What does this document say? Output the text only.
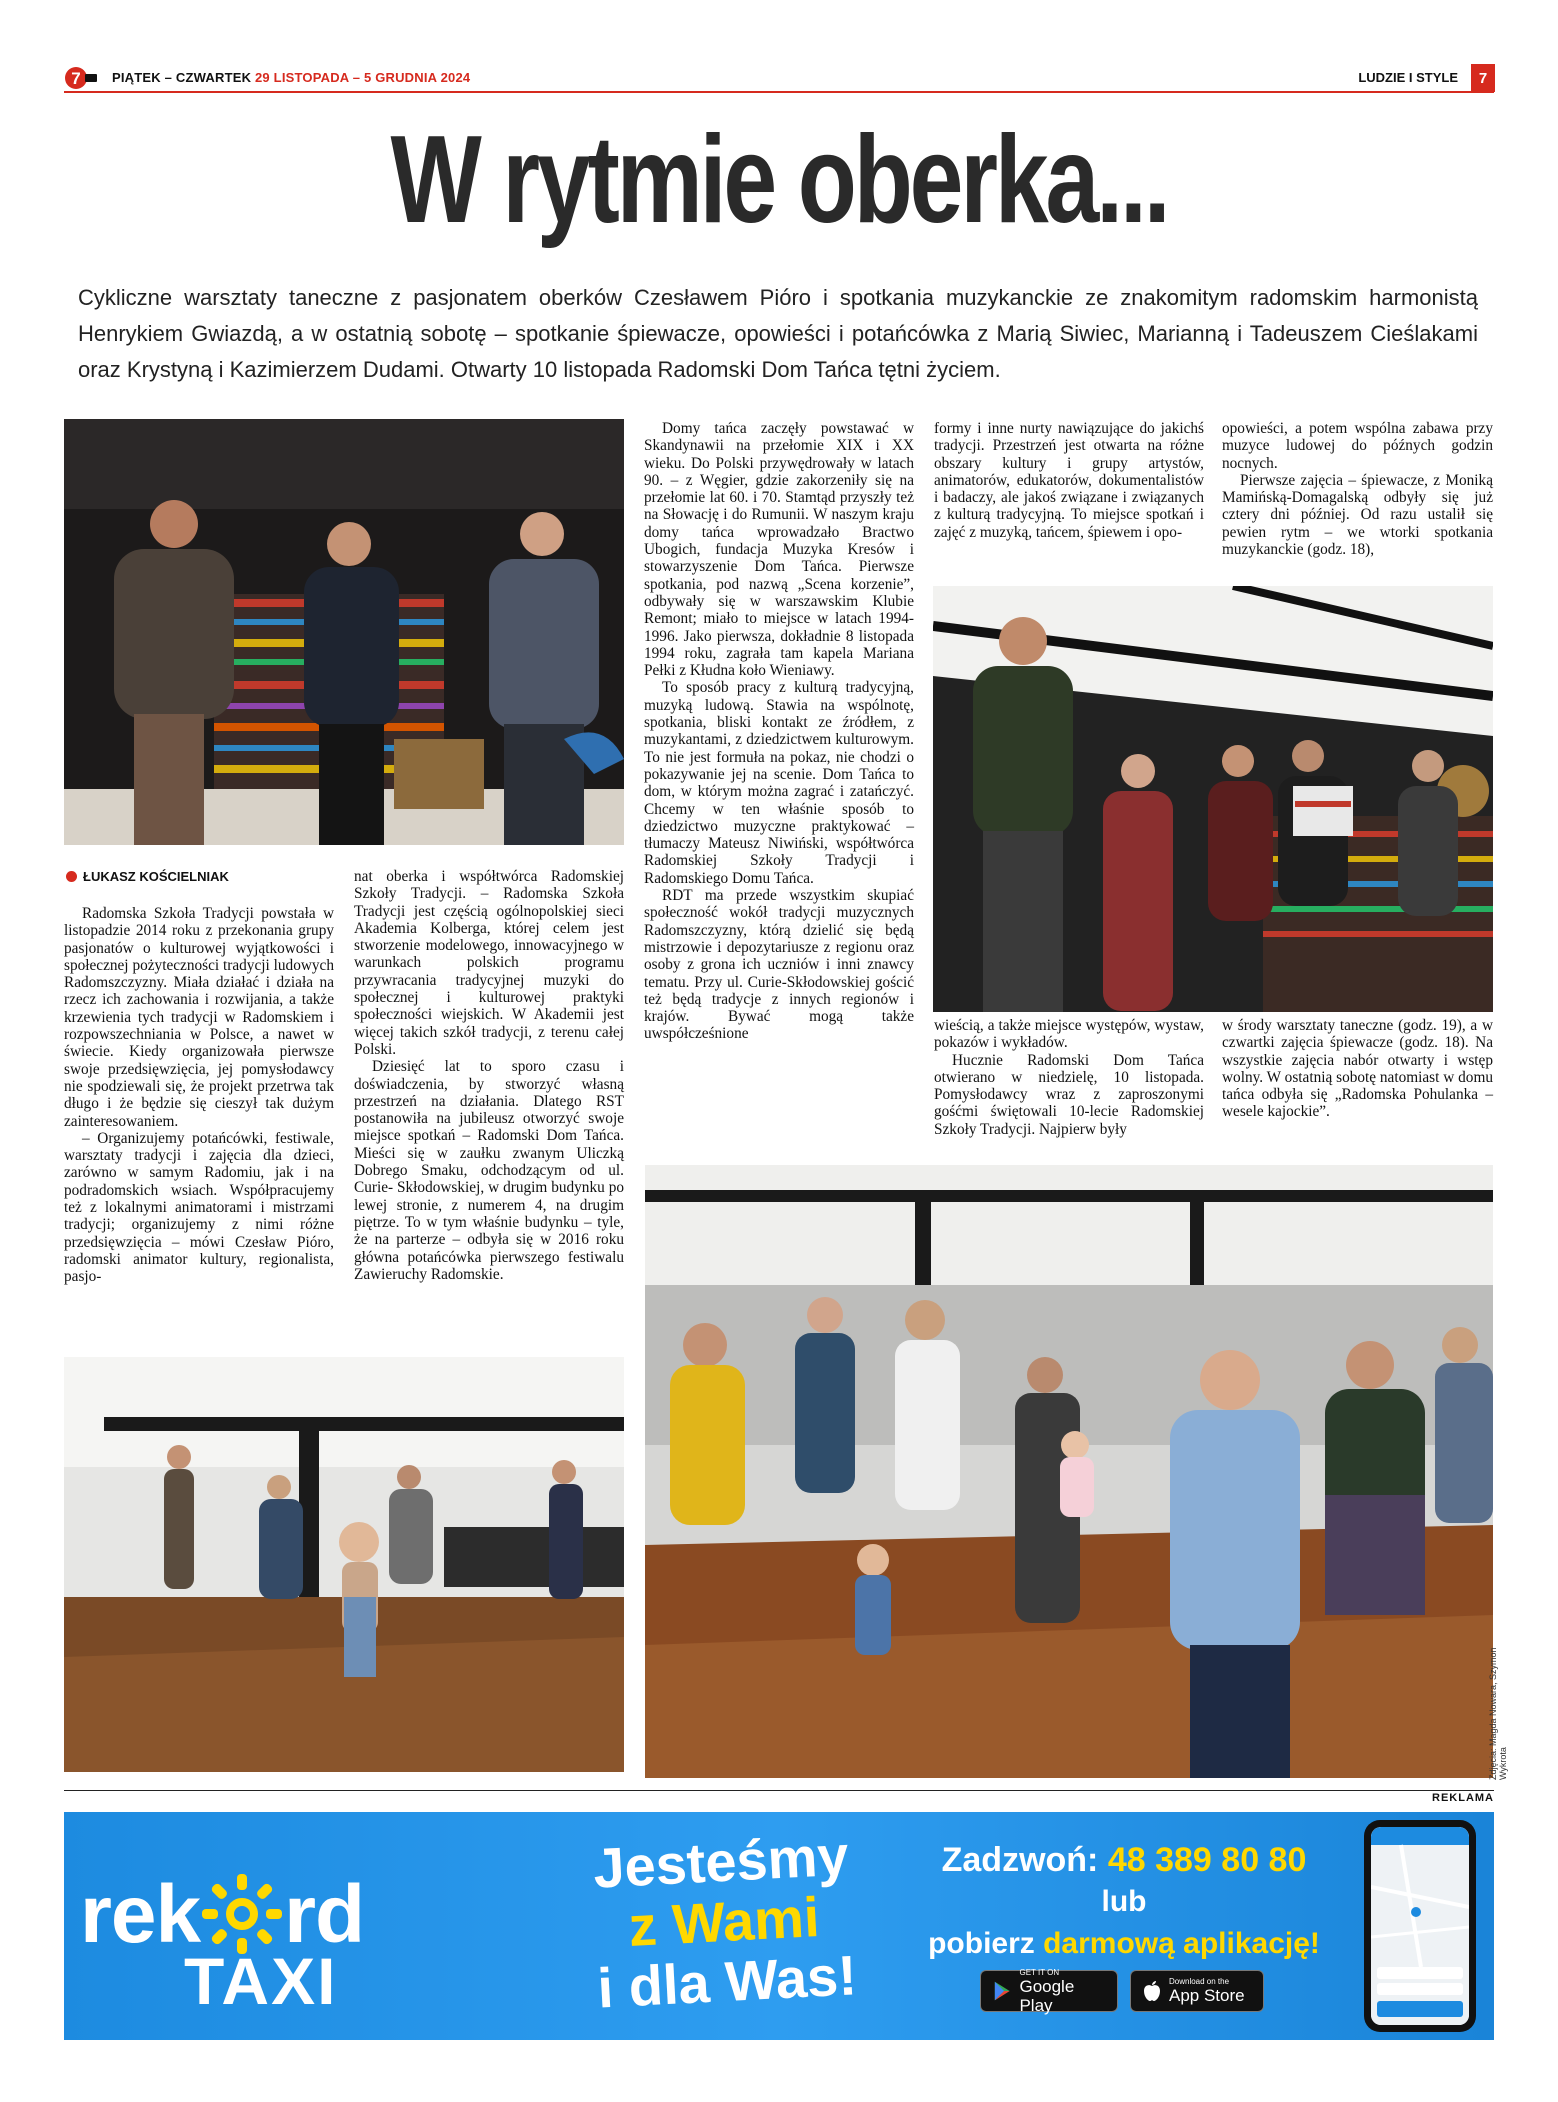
7 PIĄTEK – CZWARTEK 29 LISTOPADA – 5 GRUDNIA 2024	LUDZIE I STYLE	7
W rytmie oberka...
Cykliczne warsztaty taneczne z pasjonatem oberków Czesławem Pióro i spotkania muzykanckie ze znakomitym radomskim harmonistą Henrykiem Gwiazdą, a w ostatnią sobotę – spotkanie śpiewacze, opowieści i potańcówka z Marią Siwiec, Marianną i Tadeuszem Cieślakami oraz Krystyną i Kazimierzem Dudami. Otwarty 10 listopada Radomski Dom Tańca tętni życiem.
Zdjęcia: Magda Nowara, Szymon Wykrota
ŁUKASZ KOŚCIELNIAK

Radomska Szkoła Tradycji powstała w listopadzie 2014 roku z przekonania grupy pasjonatów o kulturowej wyjątkowości i społecznej pożyteczności tradycji ludowych Radomszczyzny. Miała działać i działa na rzecz ich zachowania i rozwijania, a także krzewienia tych tradycji w Radomskiem i rozpowszechniania w Polsce, a nawet w świecie. Kiedy organizowała pierwsze swoje przedsięwzięcia, jej pomysłodawcy nie spodziewali się, że projekt przetrwa tak długo i że będzie się cieszył tak dużym zainteresowaniem.

– Organizujemy potańcówki, festiwale, warsztaty tradycji i zajęcia dla dzieci, zarówno w samym Radomiu, jak i na podradomskich wsiach. Współpracujemy też z lokalnymi animatorami i mistrzami tradycji; organizujemy z nimi różne przedsięwzięcia – mówi Czesław Pióro, radomski animator kultury, regionalista, pasjo-

nat oberka i współtwórca Radomskiej Szkoły Tradycji. – Radomska Szkoła Tradycji jest częścią ogólnopolskiej sieci Akademia Kolberga, której celem jest stworzenie modelowego, innowacyjnego w warunkach polskich programu przywracania tradycyjnej muzyki do społecznej i kulturowej praktyki społeczności wiejskich. W Akademii jest więcej takich szkół tradycji, z terenu całej Polski.

Dziesięć lat to sporo czasu i doświadczenia, by stworzyć własną przestrzeń na działania. Dlatego RST postanowiła na jubileusz otworzyć swoje miejsce spotkań – Radomski Dom Tańca. Mieści się w zaułku zwanym Uliczką Dobrego Smaku, odchodzącym od ul. Curie- Skłodowskiej, w drugim budynku po lewej stronie, z numerem 4, na drugim piętrze. To w tym właśnie budynku – tyle, że na parterze – odbyła się w 2016 roku główna potańcówka pierwszego festiwalu Zawieruchy Radomskie.

Domy tańca zaczęły powstawać w Skandynawii na przełomie XIX i XX wieku. Do Polski przywędrowały w latach 90. – z Węgier, gdzie zakorzeniły się na przełomie lat 60. i 70. Stamtąd przyszły też na Słowację i do Rumunii. W naszym kraju domy tańca wprowadzało Bractwo Ubogich, fundacja Muzyka Kresów i stowarzyszenie Dom Tańca. Pierwsze spotkania, pod nazwą „Scena korzenie”, odbywały się w warszawskim Klubie Remont; miało to miejsce w latach 1994-1996. Jako pierwsza, dokładnie 8 listopada 1994 roku, zagrała tam kapela Mariana Pełki z Kłudna koło Wieniawy.

To sposób pracy z kulturą tradycyjną, muzyką ludową. Stawia na wspólnotę, spotkania, bliski kontakt ze źródłem, z muzykantami, z dziedzictwem kulturowym. To nie jest formuła na pokaz, nie chodzi o pokazywanie jej na scenie. Dom Tańca to dom, w którym można zagrać i zatańczyć. Chcemy w ten właśnie sposób to dziedzictwo muzyczne praktykować – tłumaczy Mateusz Niwiński, współtwórca Radomskiej Szkoły Tradycji i Radomskiego Domu Tańca.

RDT ma przede wszystkim skupiać społeczność wokół tradycji muzycznych Radomszczyzny, którą dzielić się będą mistrzowie i depozytariusze z regionu oraz osoby z grona ich uczniów i inni znawcy tematu. Przy ul. Curie-Skłodowskiej gościć też będą tradycje z innych regionów i krajów. Bywać mogą także uwspółcześnione

formy i inne nurty nawiązujące do jakichś tradycji. Przestrzeń jest otwarta na różne obszary kultury i grupy artystów, animatorów, edukatorów, dokumentalistów i badaczy, ale jakoś związane i związanych z kulturą tradycyjną. To miejsce spotkań i zajęć z muzyką, tańcem, śpiewem i opo-

opowieści, a potem wspólna zabawa przy muzyce ludowej do późnych godzin nocnych.

Pierwsze zajęcia – śpiewacze, z Moniką Mamińską-Domagalską odbyły się już cztery dni później. Od razu ustalił się pewien rytm – we wtorki spotkania muzykanckie (godz. 18),

wieścią, a także miejsce występów, wystaw, pokazów i wykładów.

Hucznie Radomski Dom Tańca otwierano w niedzielę, 10 listopada. Pomysłodawcy wraz z zaproszonymi gośćmi świętowali 10-lecie Radomskiej Szkoły Tradycji. Najpierw były

w środy warsztaty taneczne (godz. 19), a w czwartki zajęcia śpiewacze (godz. 18). Na wszystkie zajęcia nabór otwarty i wstęp wolny. W ostatnią sobotę natomiast w domu tańca odbyła się „Radomska Pohulanka – wesele kajockie”.

REKLAMA
rek rd
TAXI
Jesteśmy
z Wami
i dla Was!
Zadzwoń: 48 389 80 80
lub
pobierz darmową aplikację!
GET IT ON
Google Play
Download on the
App Store
